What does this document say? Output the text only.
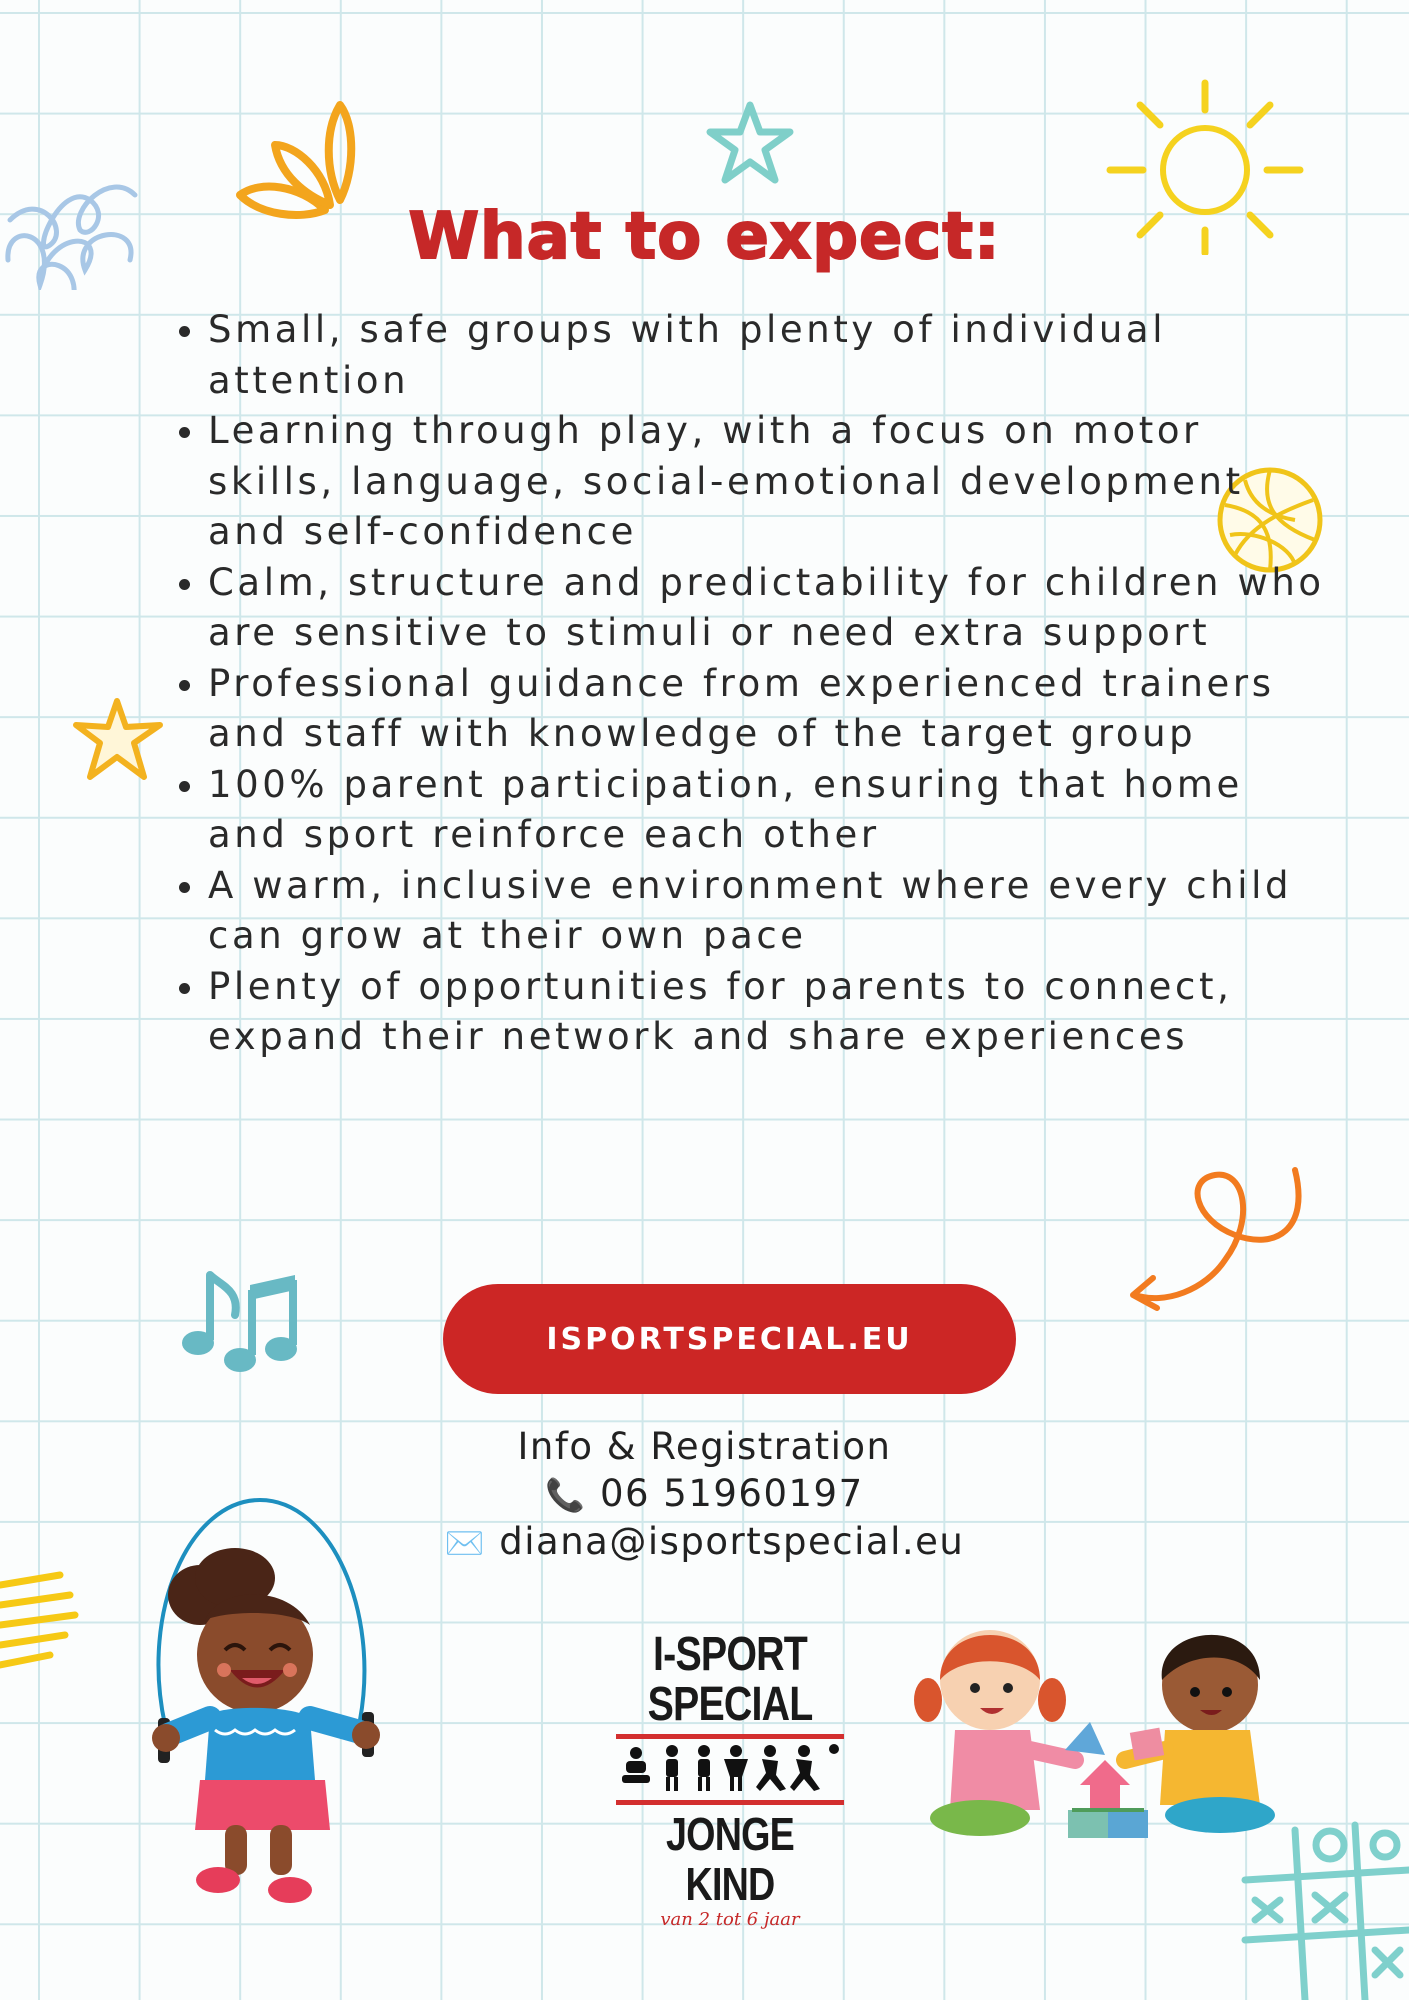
What to expect:
• Small, safe groups with plenty of individual attention
• Learning through play, with a focus on motor skills, language, social-emotional development and self-confidence
• Calm, structure and predictability for children who are sensitive to stimuli or need extra support
• Professional guidance from experienced trainers and staff with knowledge of the target group
• 100% parent participation, ensuring that home and sport reinforce each other
• A warm, inclusive environment where every child can grow at their own pace
• Plenty of opportunities for parents to connect, expand their network and share experiences
ISPORTSPECIAL.EU
Info & Registration
📞 06 51960197
✉️ diana@isportspecial.eu
I-SPORT
SPECIAL
JONGE KIND
van 2 tot 6 jaar
